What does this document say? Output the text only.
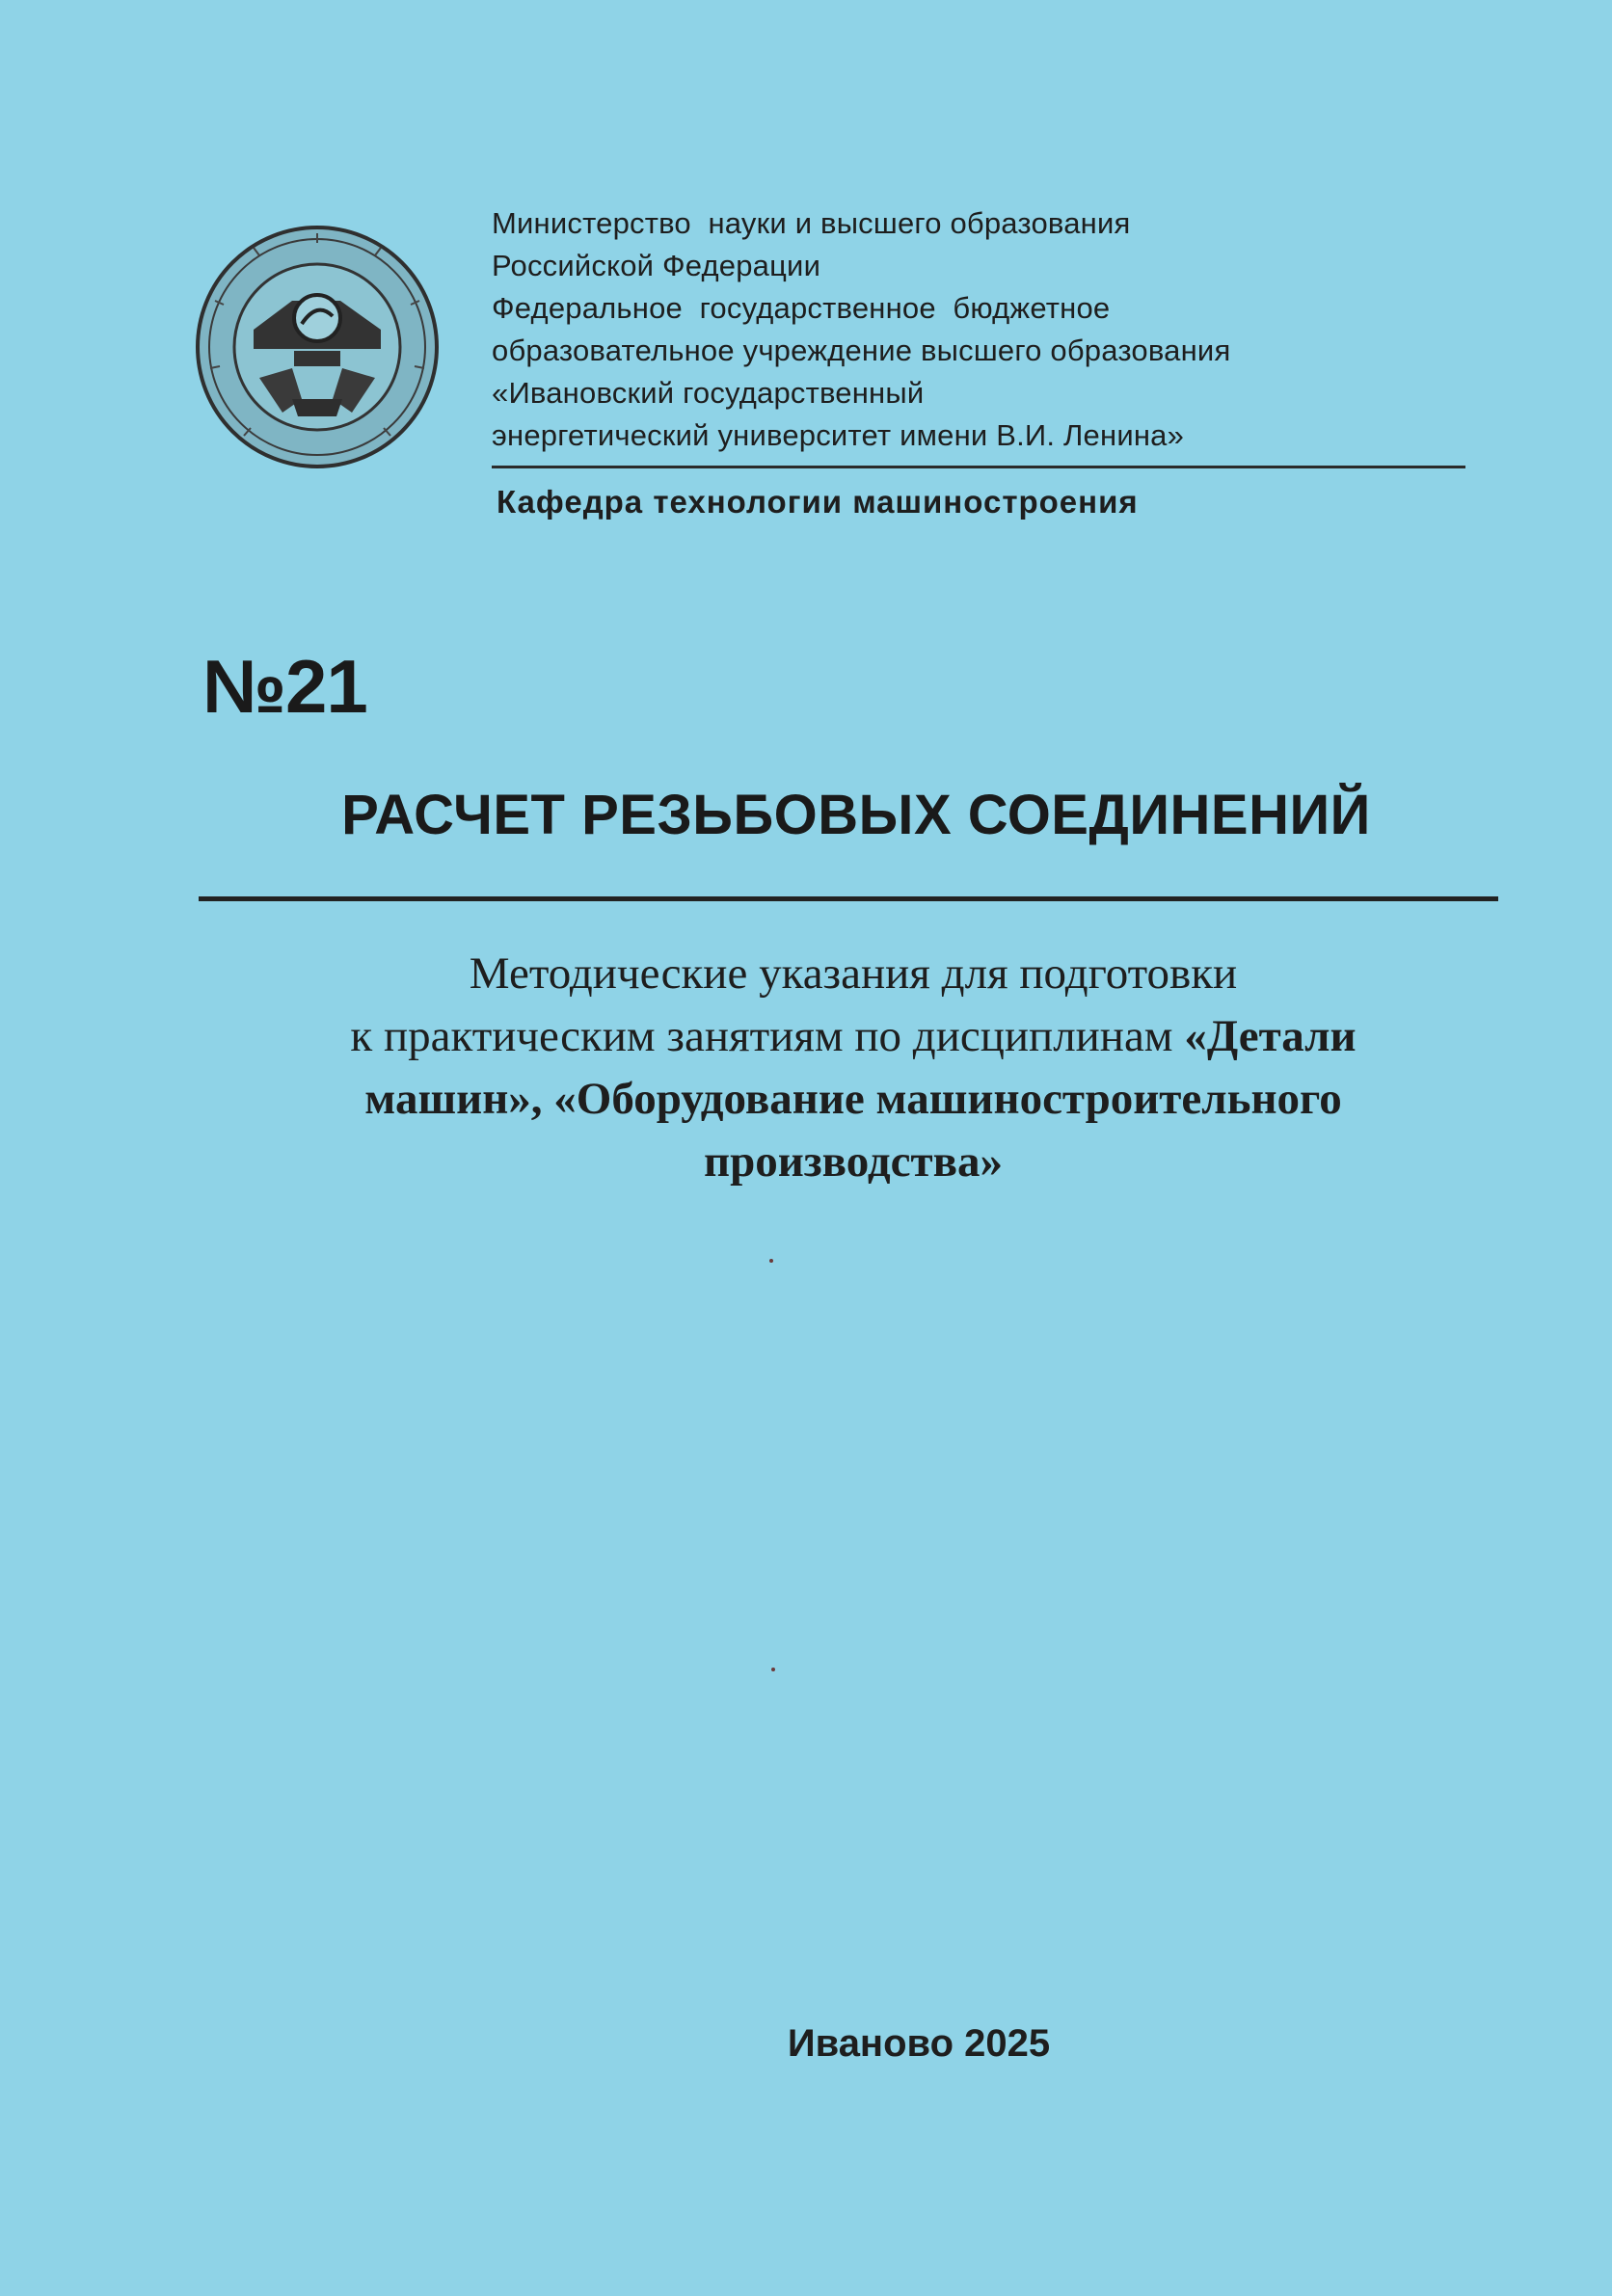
Министерство  науки и высшего образования
Российской Федерации
Федеральное  государственное  бюджетное
образовательное учреждение высшего образования
«Ивановский государственный
энергетический университет имени В.И. Ленина»
Кафедра технологии машиностроения
№21
РАСЧЕТ РЕЗЬБОВЫХ СОЕДИНЕНИЙ
Методические указания для подготовки
к практическим занятиям по дисциплинам «Детали
машин», «Оборудование машиностроительного
производства»
Иваново 2025
